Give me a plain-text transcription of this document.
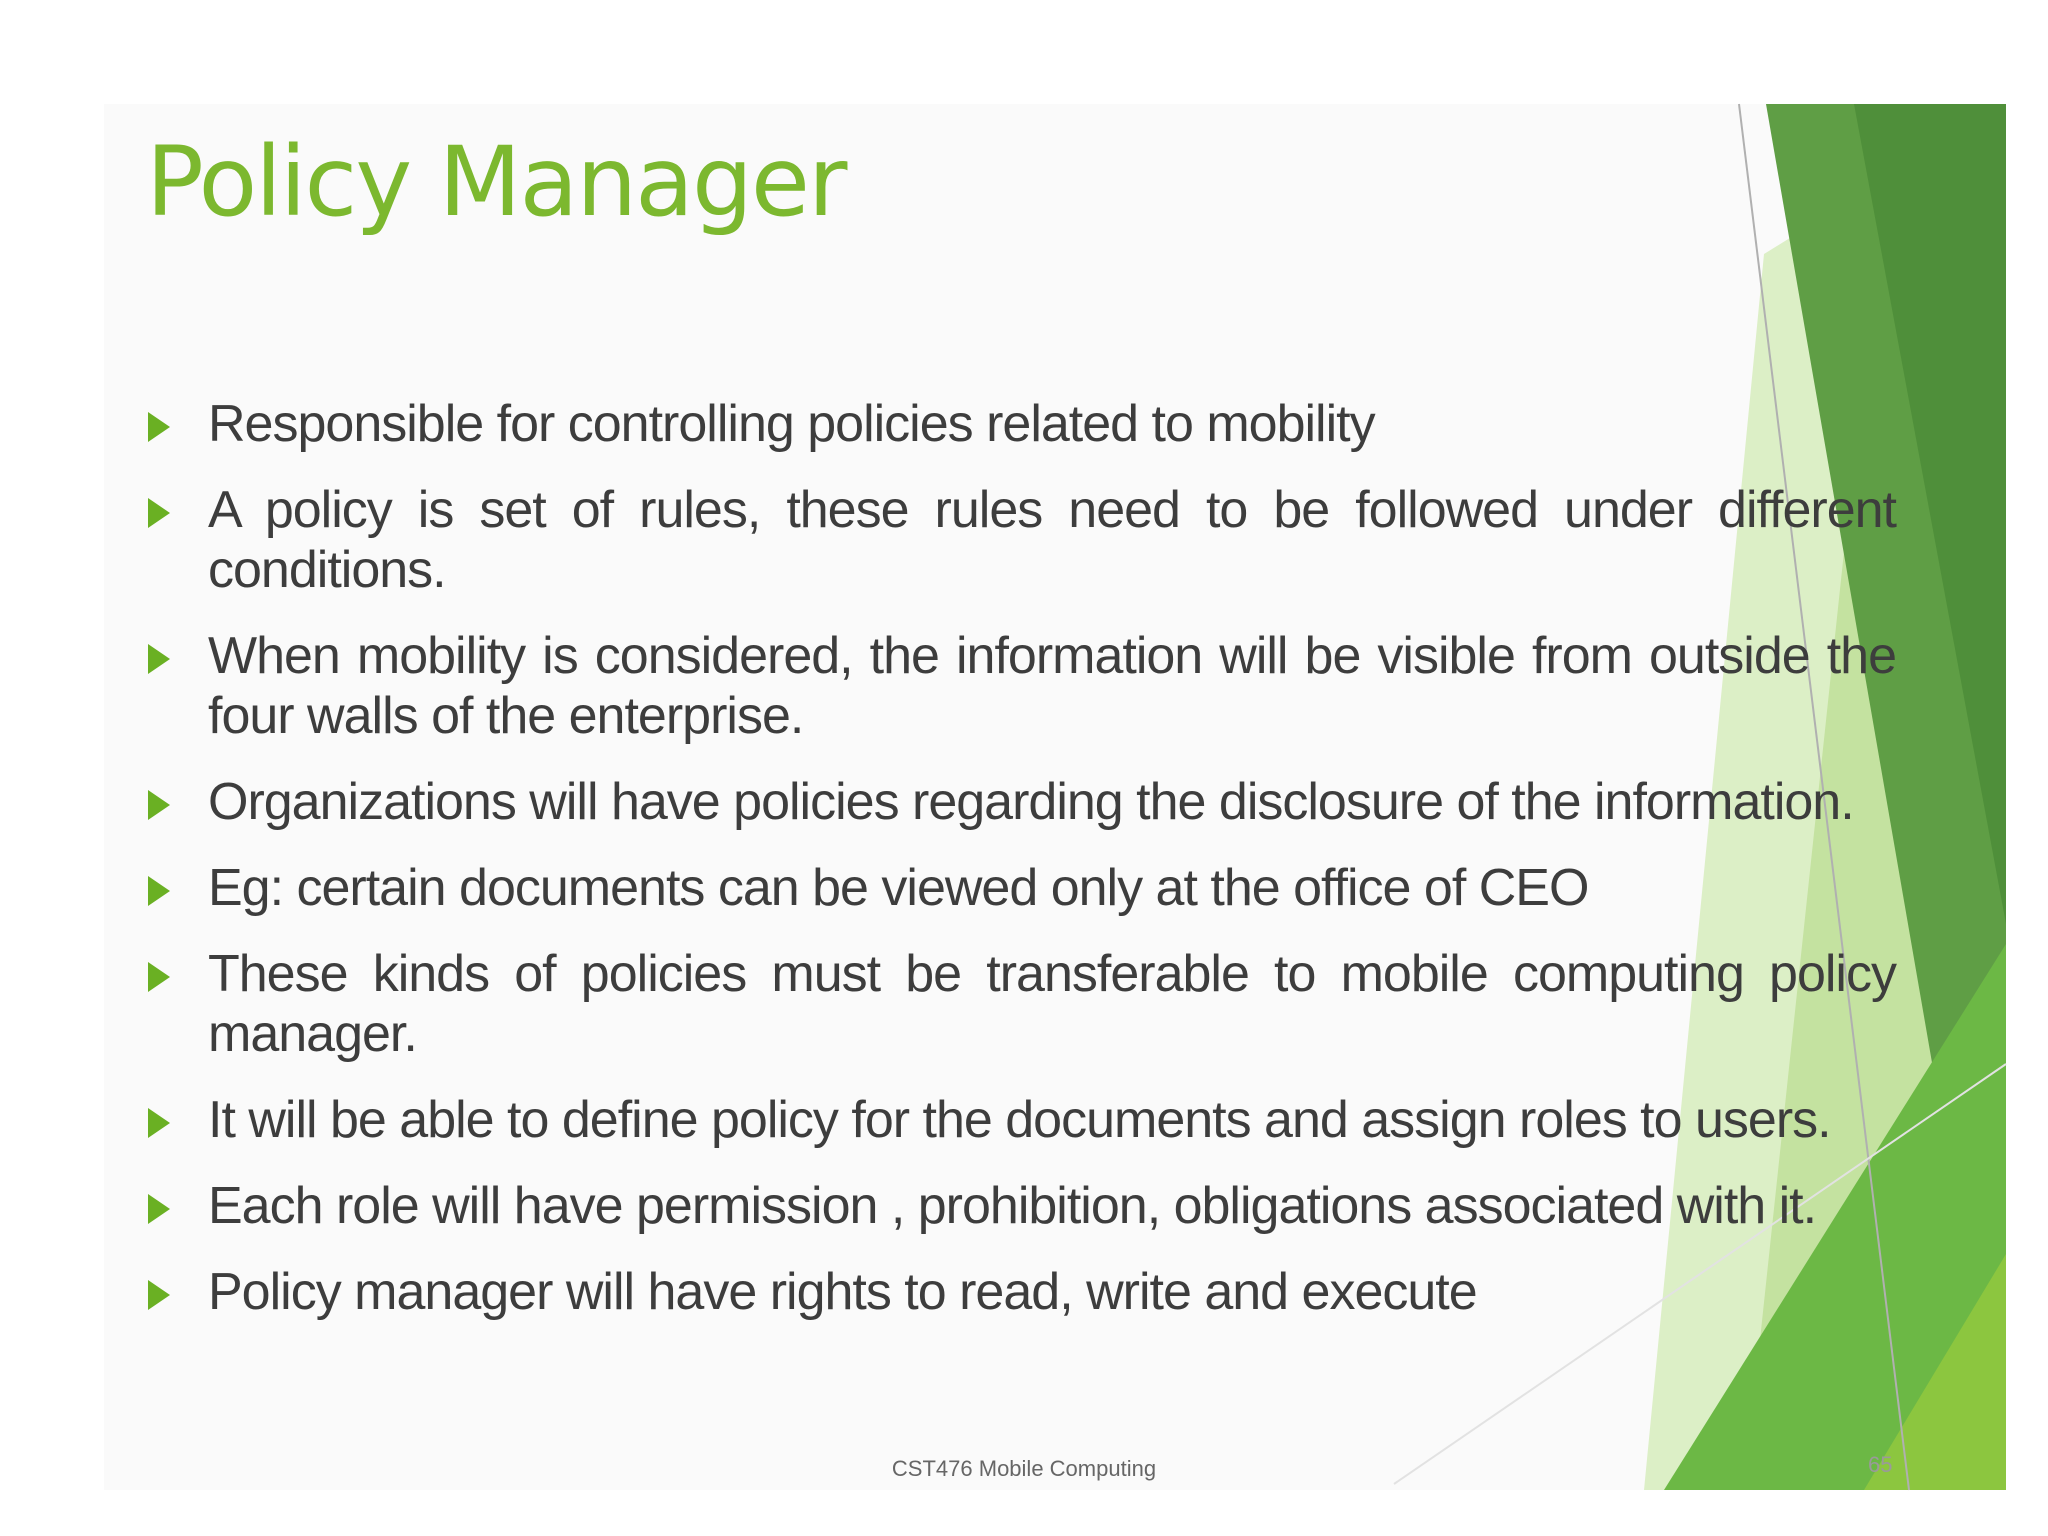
Policy Manager
Responsible for controlling policies related to mobility
A policy is set of rules, these rules need to be followed under different conditions.
When mobility is considered, the information will be visible from outside the four walls of the enterprise.
Organizations will have policies regarding the disclosure of the information.
Eg: certain documents can be viewed only at the office of CEO
These kinds of policies must be transferable to mobile computing policy manager.
It will be able to define policy for the documents and assign roles to users.
Each role will have permission , prohibition, obligations associated with it.
Policy manager will have rights to read, write and execute
CST476 Mobile Computing
